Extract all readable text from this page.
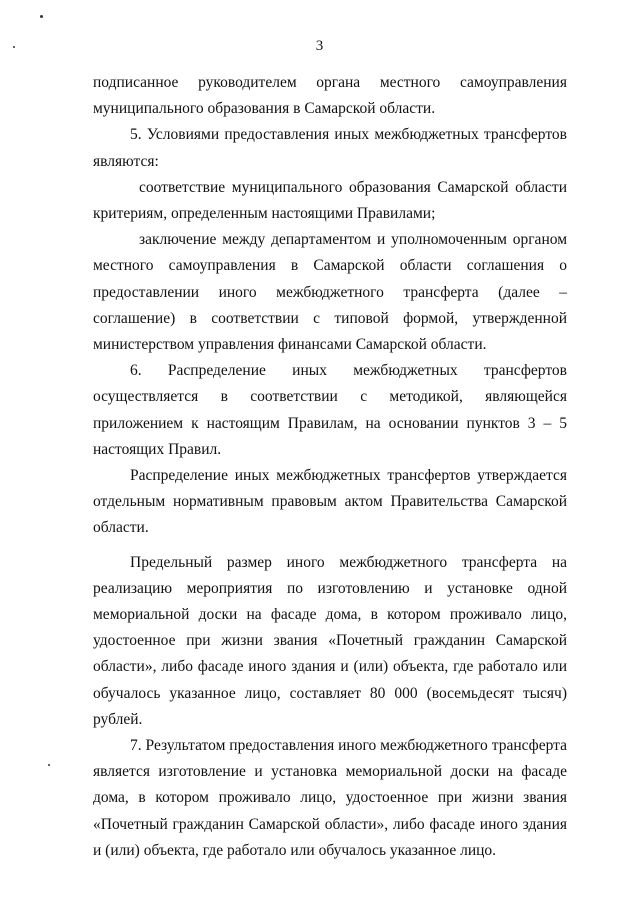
3

подписанное руководителем органа местного самоуправления муниципального образования в Самарской области.

5. Условиями предоставления иных межбюджетных трансфертов являются:

соответствие муниципального образования Самарской области критериям, определенным настоящими Правилами;

заключение между департаментом и уполномоченным органом местного самоуправления в Самарской области соглашения о предоставлении иного межбюджетного трансферта (далее – соглашение) в соответствии с типовой формой, утвержденной министерством управления финансами Самарской области.

6. Распределение иных межбюджетных трансфертов осуществляется в соответствии с методикой, являющейся приложением к настоящим Правилам, на основании пунктов 3 – 5 настоящих Правил.

Распределение иных межбюджетных трансфертов утверждается отдельным нормативным правовым актом Правительства Самарской области.

Предельный размер иного межбюджетного трансферта на реализацию мероприятия по изготовлению и установке одной мемориальной доски на фасаде дома, в котором проживало лицо, удостоенное при жизни звания «Почетный гражданин Самарской области», либо фасаде иного здания и (или) объекта, где работало или обучалось указанное лицо, составляет 80 000 (восемьдесят тысяч) рублей.

7. Результатом предоставления иного межбюджетного трансферта является изготовление и установка мемориальной доски на фасаде дома, в котором проживало лицо, удостоенное при жизни звания «Почетный гражданин Самарской области», либо фасаде иного здания и (или) объекта, где работало или обучалось указанное лицо.
